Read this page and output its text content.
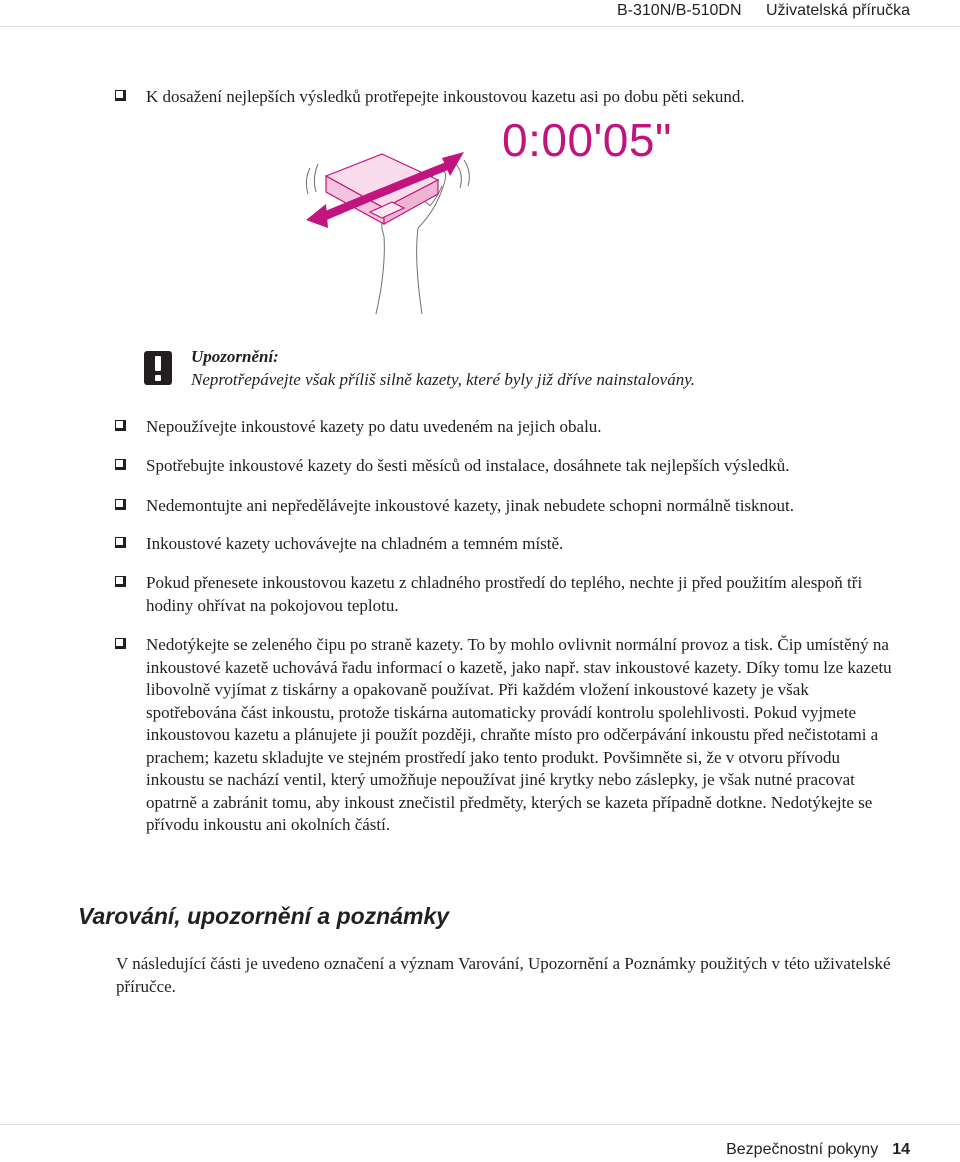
B-310N/B-510DN Uživatelská příručka
K dosažení nejlepších výsledků protřepejte inkoustovou kazetu asi po dobu pěti sekund.
0:00'05"
Upozornění:
Neprotřepávejte však příliš silně kazety, které byly již dříve nainstalovány.
Nepoužívejte inkoustové kazety po datu uvedeném na jejich obalu.
Spotřebujte inkoustové kazety do šesti měsíců od instalace, dosáhnete tak nejlepších výsledků.
Nedemontujte ani nepředělávejte inkoustové kazety, jinak nebudete schopni normálně tisknout.
Inkoustové kazety uchovávejte na chladném a temném místě.
Pokud přenesete inkoustovou kazetu z chladného prostředí do teplého, nechte ji před použitím alespoň tři hodiny ohřívat na pokojovou teplotu.
Nedotýkejte se zeleného čipu po straně kazety. To by mohlo ovlivnit normální provoz a tisk. Čip umístěný na inkoustové kazetě uchovává řadu informací o kazetě, jako např. stav inkoustové kazety. Díky tomu lze kazetu libovolně vyjímat z tiskárny a opakovaně používat. Při každém vložení inkoustové kazety je však spotřebována část inkoustu, protože tiskárna automaticky provádí kontrolu spolehlivosti. Pokud vyjmete inkoustovou kazetu a plánujete ji použít později, chraňte místo pro odčerpávání inkoustu před nečistotami a prachem; kazetu skladujte ve stejném prostředí jako tento produkt. Povšimněte si, že v otvoru přívodu inkoustu se nachází ventil, který umožňuje nepoužívat jiné krytky nebo záslepky, je však nutné pracovat opatrně a zabránit tomu, aby inkoust znečistil předměty, kterých se kazeta případně dotkne. Nedotýkejte se přívodu inkoustu ani okolních částí.
Varování, upozornění a poznámky
V následující části je uvedeno označení a význam Varování, Upozornění a Poznámky použitých v této uživatelské příručce.
Bezpečnostní pokyny 14
